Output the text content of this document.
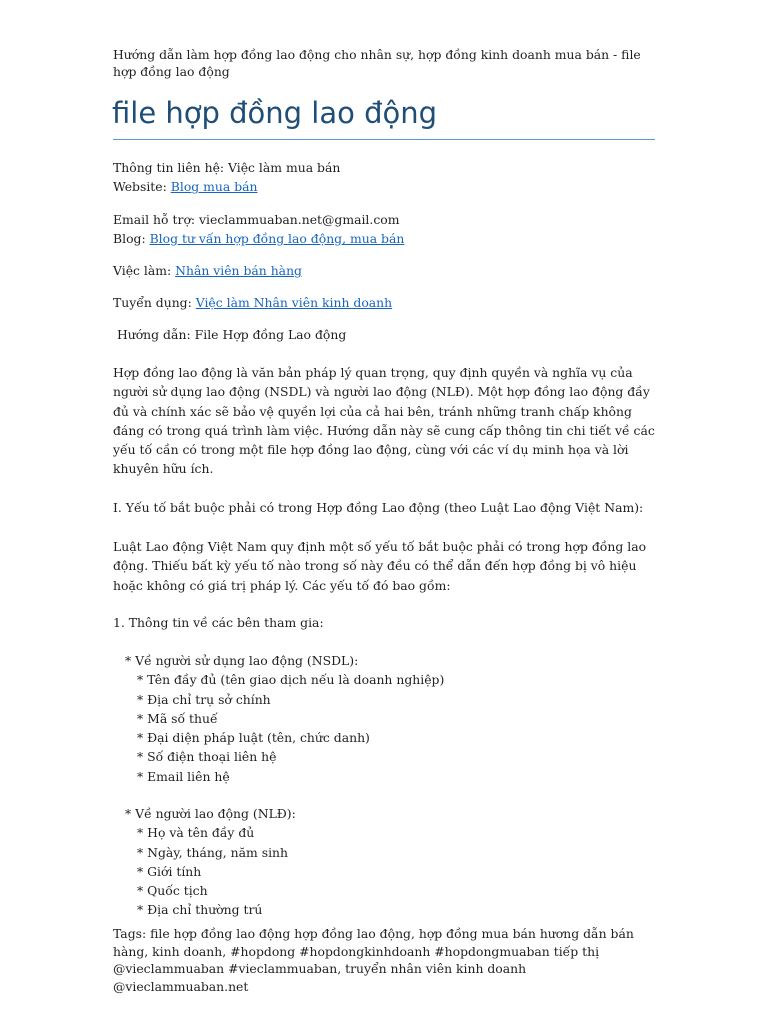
Hướng dẫn làm hợp đồng lao động cho nhân sự, hợp đồng kinh doanh mua bán - file hợp đồng lao động
file hợp đồng lao động
Thông tin liên hệ: Việc làm mua bán
Website: Blog mua bán
Email hỗ trợ: vieclammuaban.net@gmail.com
Blog: Blog tư vấn hợp đồng lao động, mua bán
Việc làm: Nhân viên bán hàng
Tuyển dụng: Việc làm Nhân viên kinh doanh
Hướng dẫn: File Hợp đồng Lao động
Hợp đồng lao động là văn bản pháp lý quan trọng, quy định quyền và nghĩa vụ của người sử dụng lao động (NSDL) và người lao động (NLĐ). Một hợp đồng lao động đầy đủ và chính xác sẽ bảo vệ quyền lợi của cả hai bên, tránh những tranh chấp không đáng có trong quá trình làm việc. Hướng dẫn này sẽ cung cấp thông tin chi tiết về các yếu tố cần có trong một file hợp đồng lao động, cùng với các ví dụ minh họa và lời khuyên hữu ích.
I. Yếu tố bắt buộc phải có trong Hợp đồng Lao động (theo Luật Lao động Việt Nam):
Luật Lao động Việt Nam quy định một số yếu tố bắt buộc phải có trong hợp đồng lao động. Thiếu bất kỳ yếu tố nào trong số này đều có thể dẫn đến hợp đồng bị vô hiệu hoặc không có giá trị pháp lý. Các yếu tố đó bao gồm:
1. Thông tin về các bên tham gia:
* Về người sử dụng lao động (NSDL):
* Tên đầy đủ (tên giao dịch nếu là doanh nghiệp)
* Địa chỉ trụ sở chính
* Mã số thuế
* Đại diện pháp luật (tên, chức danh)
* Số điện thoại liên hệ
* Email liên hệ
* Về người lao động (NLĐ):
* Họ và tên đầy đủ
* Ngày, tháng, năm sinh
* Giới tính
* Quốc tịch
* Địa chỉ thường trú
Tags: file hợp đồng lao động hợp đồng lao động, hợp đồng mua bán hương dẫn bán hàng, kinh doanh, #hopdong #hopdongkinhdoanh #hopdongmuaban tiếp thị @vieclammuaban #vieclammuaban, truyển nhân viên kinh doanh @vieclammuaban.net
